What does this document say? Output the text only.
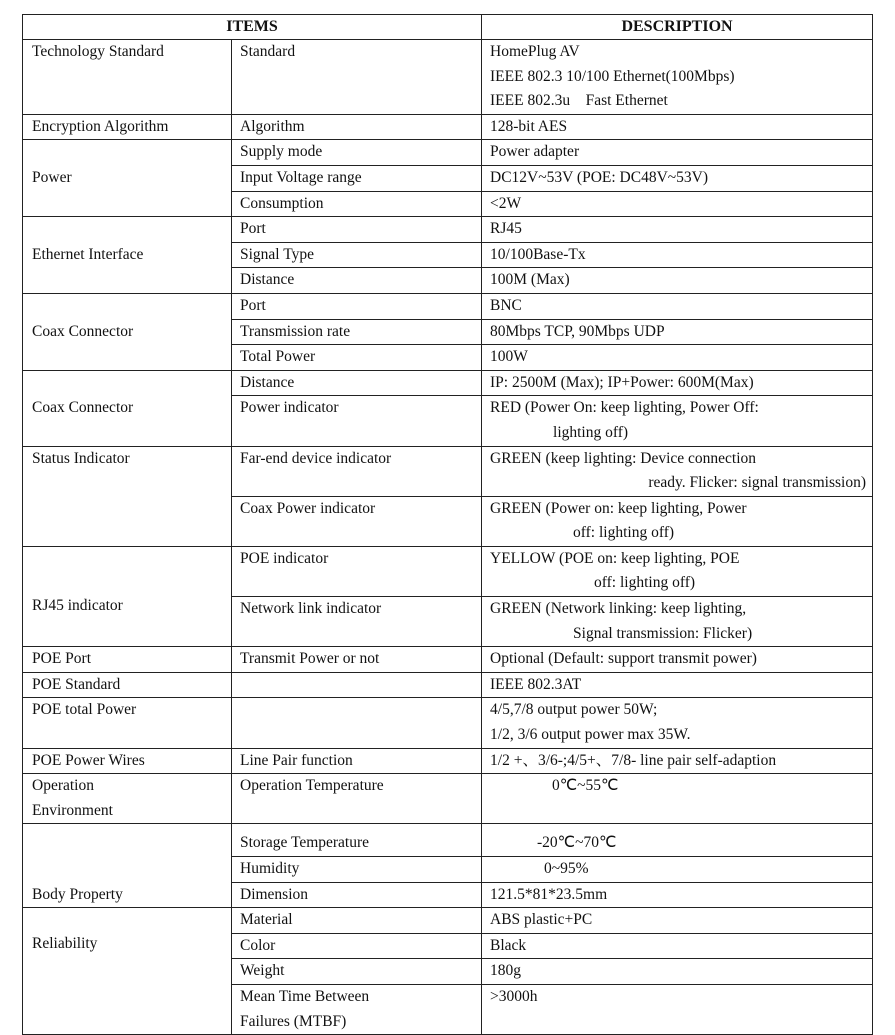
ITEMS		DESCRIPTION
Technology Standard	Standard	HomePlug AV
IEEE 802.3 10/100 Ethernet(100Mbps)
IEEE 802.3u    Fast Ethernet

Encryption Algorithm	Algorithm	128-bit AES
Power	Supply mode	Power adapter
	Input Voltage range	DC12V~53V (POE: DC48V~53V)
	Consumption	<2W
Ethernet Interface	Port	RJ45
	Signal Type	10/100Base-Tx
	Distance	100M (Max)
Coax Connector	Port	BNC
	Transmission rate	80Mbps TCP, 90Mbps UDP
	Total Power	100W
Coax Connector	Distance	IP: 2500M (Max); IP+Power: 600M(Max)
	Power indicator	RED (Power On: keep lighting, Power Off:
lighting off)

Status Indicator	Far-end device indicator	GREEN (keep lighting: Device connection
ready. Flicker: signal transmission)

	Coax Power indicator	GREEN (Power on: keep lighting, Power
off: lighting off)

RJ45 indicator	POE indicator	YELLOW (POE on: keep lighting, POE
off: lighting off)

	Network link indicator	GREEN (Network linking: keep lighting,
Signal transmission: Flicker)

POE Port	Transmit Power or not	Optional (Default: support transmit power)
POE Standard		IEEE 802.3AT
POE total Power		4/5,7/8 output power 50W;
1/2, 3/6 output power max 35W.

POE Power Wires	Line Pair function	1/2 +、3/6-;4/5+、7/8- line pair self-adaption

Operation
Environment	Operation Temperature	0℃~55℃
Body Property	Storage Temperature	-20℃~70℃
	Humidity	0~95%
	Dimension	121.5*81*23.5mm
Reliability	Material	ABS plastic+PC
	Color	Black
	Weight	180g

	Mean Time Between
Failures (MTBF)	>3000h
